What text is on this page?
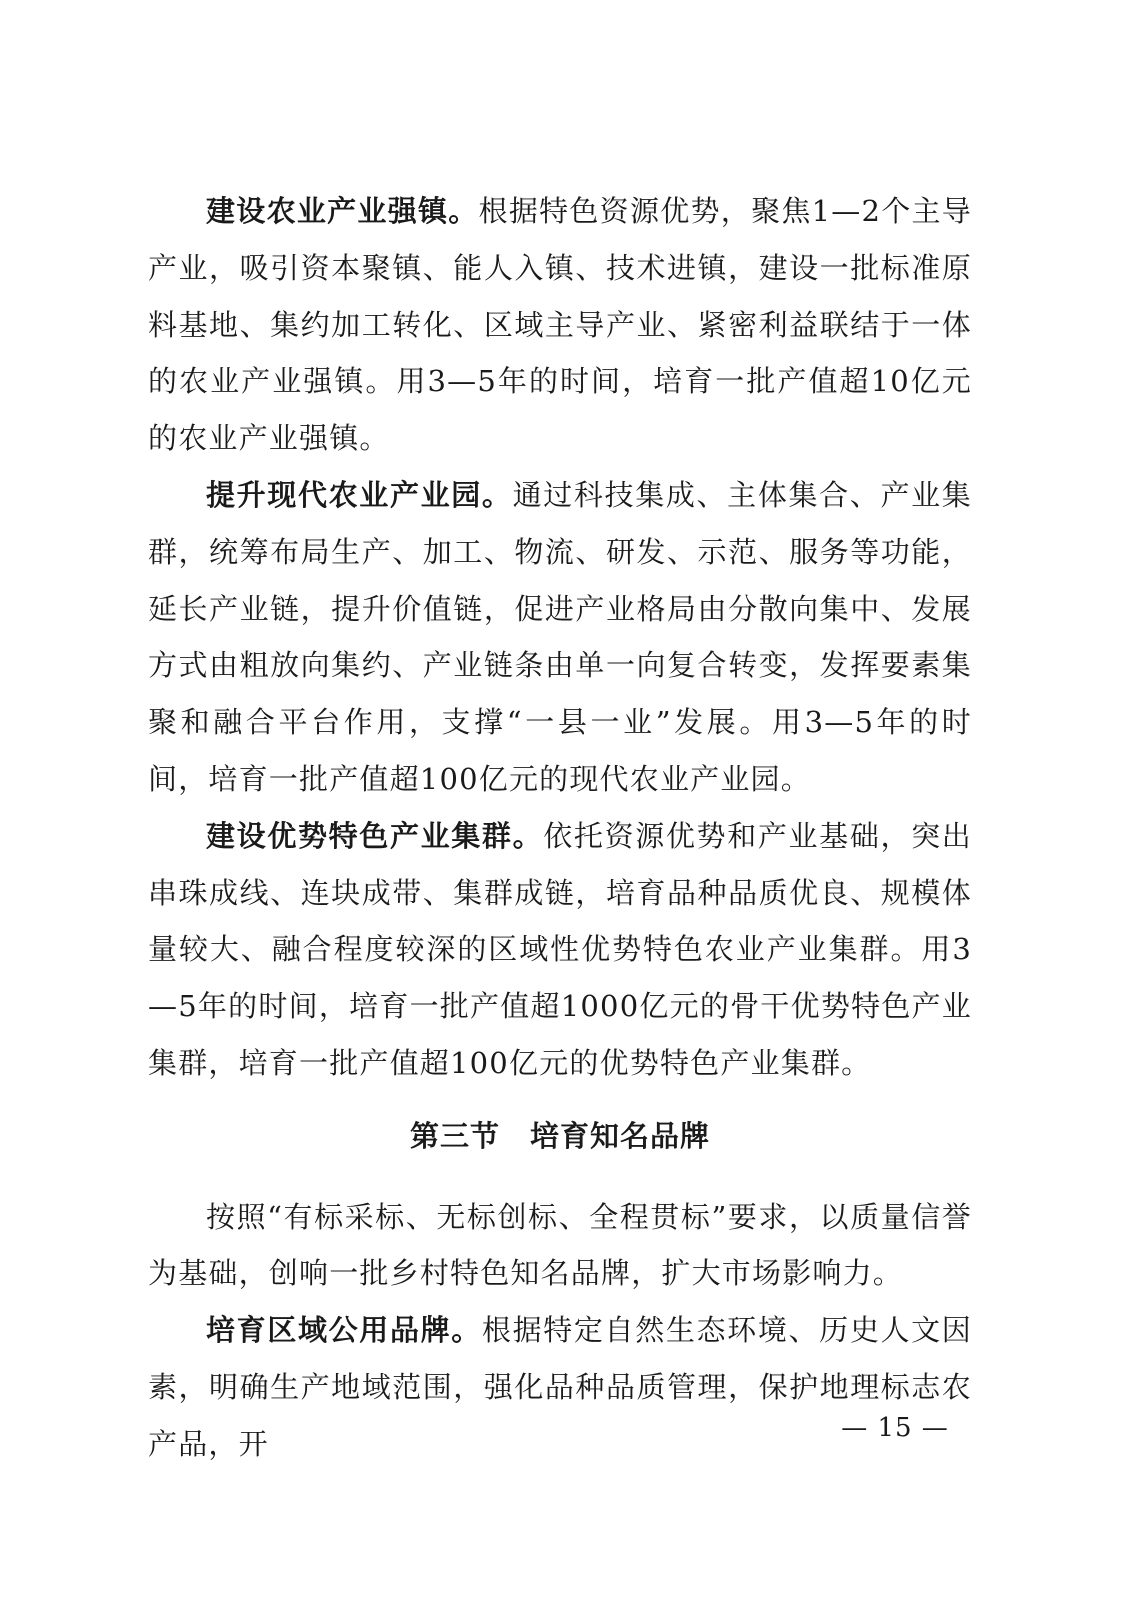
建设农业产业强镇。根据特色资源优势，聚焦1—2个主导产业，吸引资本聚镇、能人入镇、技术进镇，建设一批标准原料基地、集约加工转化、区域主导产业、紧密利益联结于一体的农业产业强镇。用3—5年的时间，培育一批产值超10亿元的农业产业强镇。

提升现代农业产业园。通过科技集成、主体集合、产业集群，统筹布局生产、加工、物流、研发、示范、服务等功能，延长产业链，提升价值链，促进产业格局由分散向集中、发展方式由粗放向集约、产业链条由单一向复合转变，发挥要素集聚和融合平台作用，支撑“一县一业”发展。用3—5年的时间，培育一批产值超100亿元的现代农业产业园。

建设优势特色产业集群。依托资源优势和产业基础，突出串珠成线、连块成带、集群成链，培育品种品质优良、规模体量较大、融合程度较深的区域性优势特色农业产业集群。用3—5年的时间，培育一批产值超1000亿元的骨干优势特色产业集群，培育一批产值超100亿元的优势特色产业集群。

第三节　培育知名品牌

按照“有标采标、无标创标、全程贯标”要求，以质量信誉为基础，创响一批乡村特色知名品牌，扩大市场影响力。

培育区域公用品牌。根据特定自然生态环境、历史人文因素，明确生产地域范围，强化品种品质管理，保护地理标志农产品，开	— 15 —
